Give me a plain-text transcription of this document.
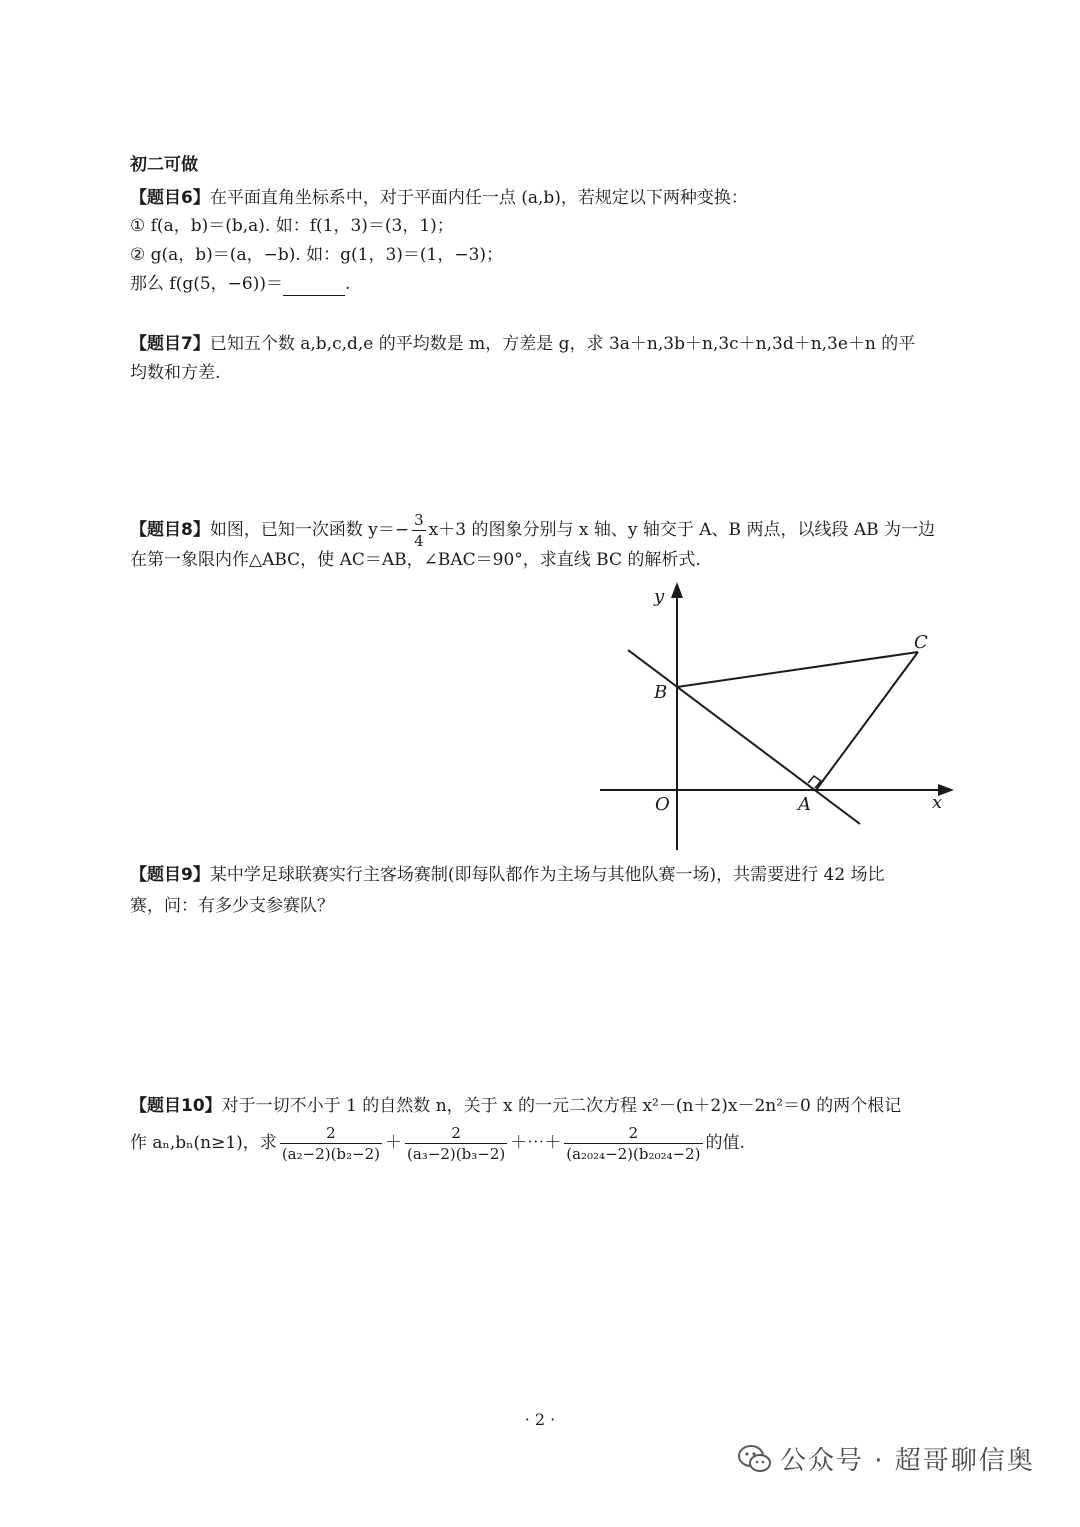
初二可做
【题目6】在平面直角坐标系中，对于平面内任一点 (a,b)，若规定以下两种变换：
① f(a，b)＝(b,a). 如：f(1，3)＝(3，1)；
② g(a，b)＝(a，−b). 如：g(1，3)＝(1，−3)；
那么 f(g(5，−6))＝	.
【题目7】已知五个数 a,b,c,d,e 的平均数是 m，方差是 g，求 3a＋n,3b＋n,3c＋n,3d＋n,3e＋n 的平
均数和方差.
【题目8】如图，已知一次函数 $y=- \frac{3}{4} x+3$ 的图象分别与 x 轴、y 轴交于 A、B 两点，以线段 AB 为一边
在第一象限内作△ABC，使 AC＝AB，∠BAC＝90°，求直线 BC 的解析式.
y
x
O	A
B
C
【题目9】某中学足球联赛实行主客场赛制(即每队都作为主场与其他队赛一场)，共需要进行 42 场比
赛，问：有多少支参赛队？
【题目10】对于一切不小于 1 的自然数 n，关于 x 的一元二次方程 x²－(n＋2)x－2n²＝0 的两个根记
作 aₙ,bₙ(n≥1)，求 $\frac{2}{\text{(a₂−2)(b₂−2)}} + \frac{2}{\text{(a₃−2)(b₃−2)}}$ ＋⋯＋ $\frac{2}{\text{(a₂₀₂₄−2)(b₂₀₂₄−2)}}$ 的值.
· 2 ·
公众号 · 超哥聊信奥
